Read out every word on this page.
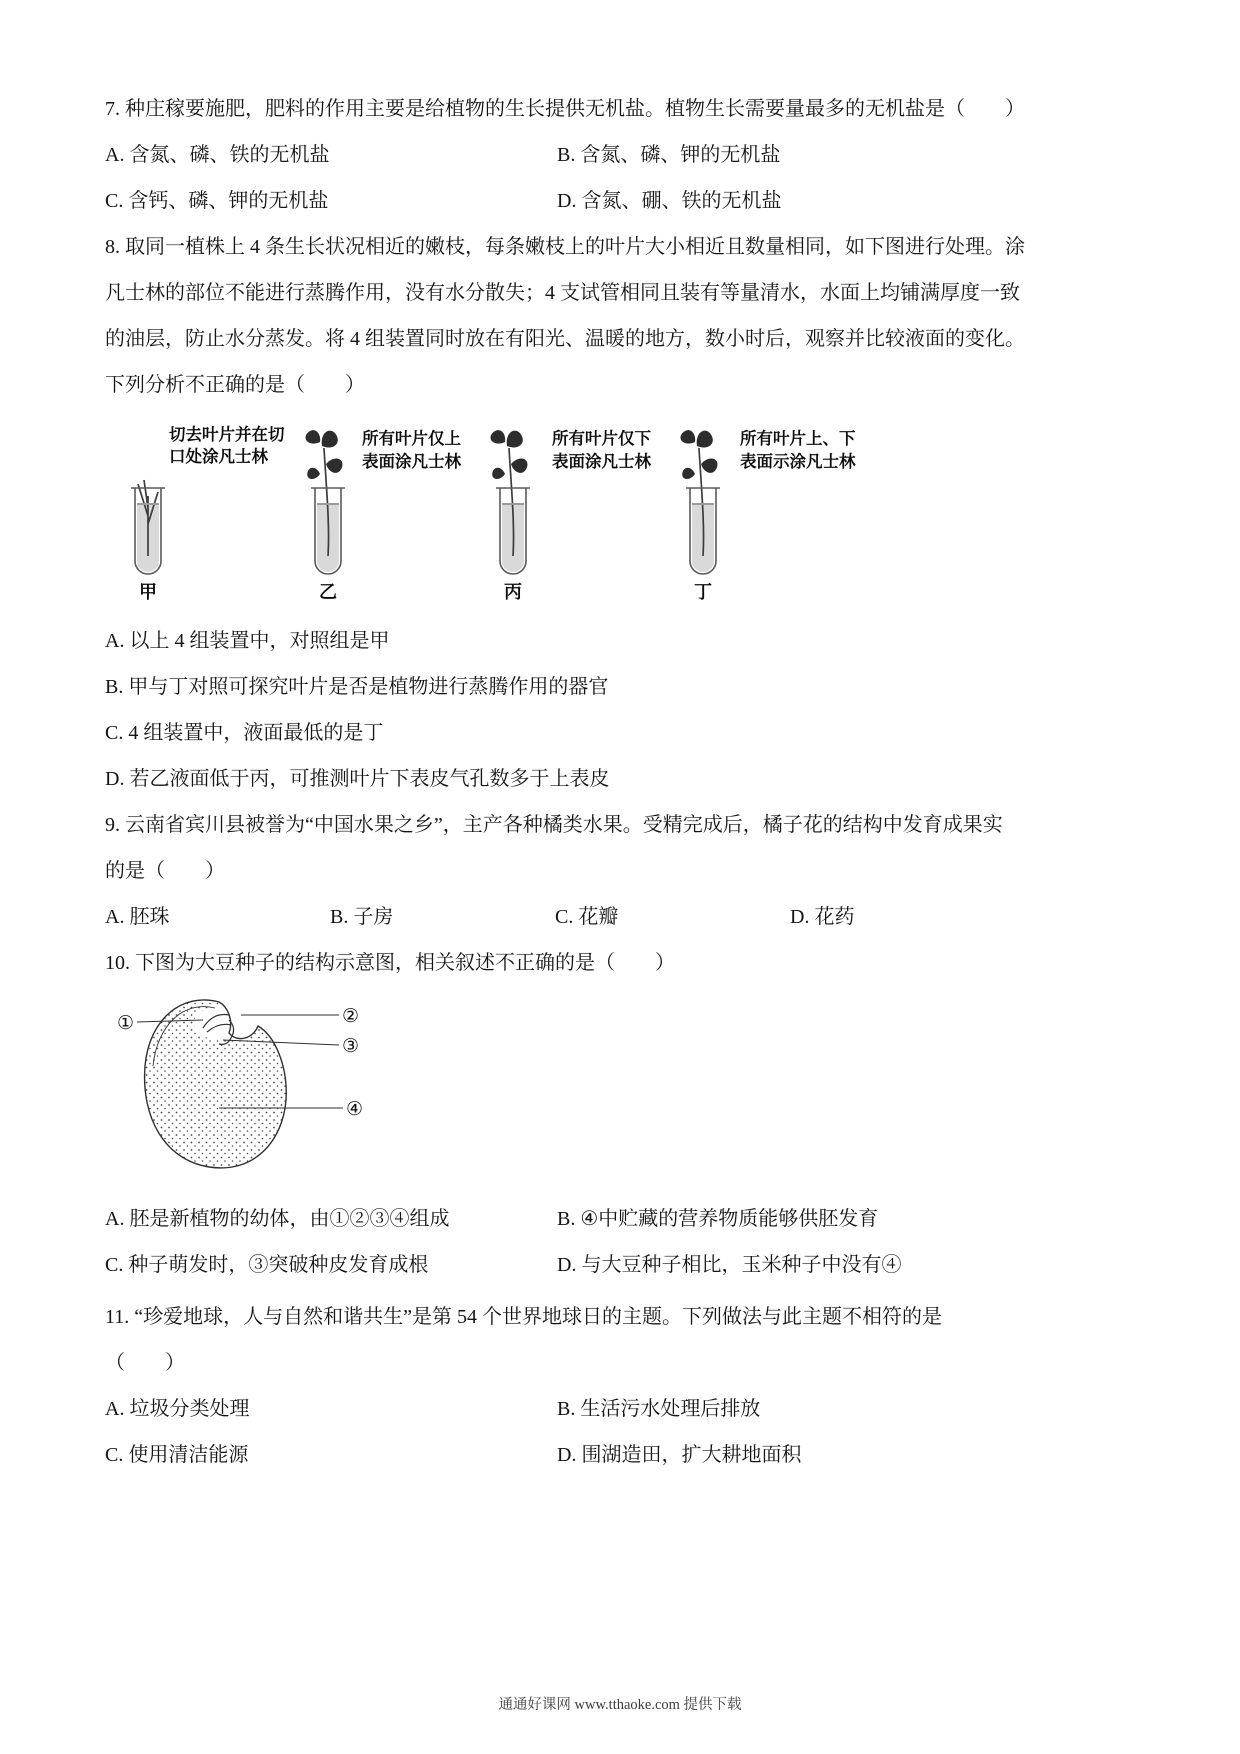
7. 种庄稼要施肥，肥料的作用主要是给植物的生长提供无机盐。植物生长需要量最多的无机盐是（　　）

A. 含氮、磷、铁的无机盐	B. 含氮、磷、钾的无机盐

C. 含钙、磷、钾的无机盐	D. 含氮、硼、铁的无机盐

8. 取同一植株上 4 条生长状况相近的嫩枝，每条嫩枝上的叶片大小相近且数量相同，如下图进行处理。涂

凡士林的部位不能进行蒸腾作用，没有水分散失；4 支试管相同且装有等量清水，水面上均铺满厚度一致

的油层，防止水分蒸发。将 4 组装置同时放在有阳光、温暖的地方，数小时后，观察并比较液面的变化。

下列分析不正确的是（　　）

切去叶片并在切
口处涂凡士林
甲
所有叶片仅上
表面涂凡士林
乙
所有叶片仅下
表面涂凡士林
丙
所有叶片上、下
表面示涂凡士林
丁

A. 以上 4 组装置中，对照组是甲

B. 甲与丁对照可探究叶片是否是植物进行蒸腾作用的器官

C. 4 组装置中，液面最低的是丁

D. 若乙液面低于丙，可推测叶片下表皮气孔数多于上表皮

9. 云南省宾川县被誉为“中国水果之乡”，主产各种橘类水果。受精完成后，橘子花的结构中发育成果实

的是（　　）

A. 胚珠	B. 子房	C. 花瓣	D. 花药

10. 下图为大豆种子的结构示意图，相关叙述不正确的是（　　）

①	②
③
④

A. 胚是新植物的幼体，由①②③④组成	B. ④中贮藏的营养物质能够供胚发育

C. 种子萌发时，③突破种皮发育成根	D. 与大豆种子相比，玉米种子中没有④

11. “珍爱地球，人与自然和谐共生”是第 54 个世界地球日的主题。下列做法与此主题不相符的是

（　　）

A. 垃圾分类处理	B. 生活污水处理后排放

C. 使用清洁能源	D. 围湖造田，扩大耕地面积

通通好课网 www.tthaoke.com 提供下载
